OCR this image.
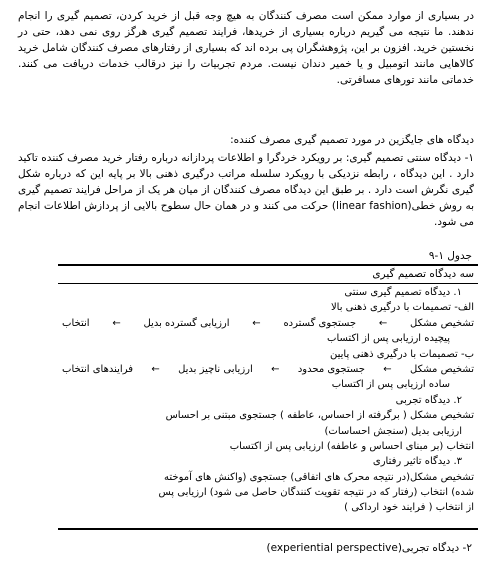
در بسیاری از موارد ممکن است مصرف کنندگان به هیچ وجه قبل از خرید کردن، تصمیم گیری را انجام ندهند. ما نتیجه می گیریم درباره بسیاری از خریدها، فرایند تصمیم گیری هرگز روی نمی دهد، حتی در نخستین خرید. افزون بر این، پژوهشگران پی برده اند که بسیاری از رفتارهای مصرف کنندگان شامل خرید کالاهایی مانند اتومبیل و یا خمیر دندان نیست. مردم تجربیات را نیز درقالب خدمات دریافت می کنند. خدماتی مانند تورهای مسافرتی.

دیدگاه های جایگزین در مورد تصمیم گیری مصرف کننده:

۱- دیدگاه سنتی تصمیم گیری: بر رویکرد خردگرا و اطلاعات پردازانه درباره رفتار خرید مصرف کننده تاکید دارد . این دیدگاه ، رابطه نزدیکی با رویکرد سلسله مراتب درگیری ذهنی بالا بر پایه این که درباره شکل گیری نگرش است دارد . بر طبق این دیدگاه مصرف کنندگان از میان هر یک از مراحل فرایند تصمیم گیری به روش خطی(linear fashion) حرکت می کنند و در همان حال سطوح بالایی از پردازش اطلاعات انجام می شود.

جدول ۱-۹
سه دیدگاه تصمیم گیری
۱. دیدگاه تصمیم گیری سنتی
الف- تصمیمات با درگیری ذهنی بالا
تشخیص مشکل
←
جستجوی گسترده
←
ارزیابی گسترده بدیل
←
انتخاب
پیچیده ارزیابی پس از اکتساب
ب- تصمیمات با درگیری ذهنی پایین
تشخیص مشکل
←
جستجوی محدود
←
ارزیابی ناچیز بدیل
←
فرایندهای انتخاب
ساده ارزیابی پس از اکتساب
۲. دیدگاه تجربی
تشخیص مشکل ( برگرفته از احساس، عاطفه ) جستجوی مبتنی بر احساس
ارزیابی بدیل (سنجش احساسات)
انتخاب (بر مبنای احساس و عاطفه) ارزیابی پس از اکتساب
۳. دیدگاه تاثیر رفتاری
تشخیص مشکل(در نتیجه محرک های اتفاقی) جستجوی (واکنش های آموخته
شده) انتخاب (رفتار که در نتیجه تقویت کنندگان حاصل می شود) ارزیابی پس
از انتخاب ( فرایند خود ارداکی )
۲- دیدگاه تجربی(experiential perspective)
